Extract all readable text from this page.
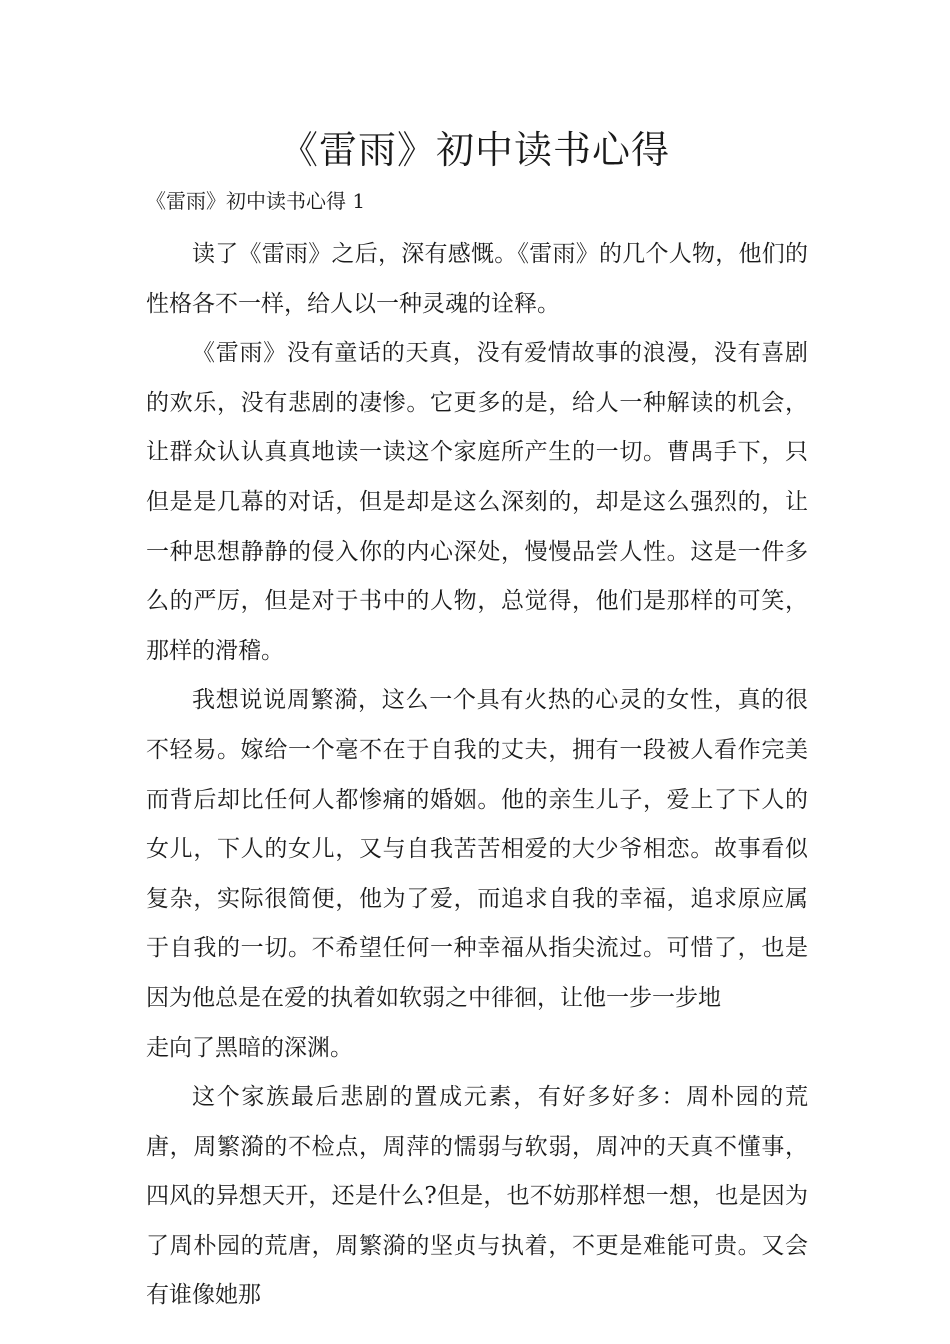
《雷雨》初中读书心得
《雷雨》初中读书心得 1

读了《雷雨》之后，深有感慨。《雷雨》的几个人物，他们的性格各不一样，给人以一种灵魂的诠释。

《雷雨》没有童话的天真，没有爱情故事的浪漫，没有喜剧的欢乐，没有悲剧的凄惨。它更多的是，给人一种解读的机会，让群众认认真真地读一读这个家庭所产生的一切。曹禺手下，只但是是几幕的对话，但是却是这么深刻的，却是这么强烈的，让一种思想静静的侵入你的内心深处，慢慢品尝人性。这是一件多么的严厉，但是对于书中的人物，总觉得，他们是那样的可笑，那样的滑稽。

我想说说周繁漪，这么一个具有火热的心灵的女性，真的很不轻易。嫁给一个毫不在于自我的丈夫，拥有一段被人看作完美而背后却比任何人都惨痛的婚姻。他的亲生儿子，爱上了下人的女儿，下人的女儿，又与自我苦苦相爱的大少爷相恋。故事看似复杂，实际很简便，他为了爱，而追求自我的幸福，追求原应属于自我的一切。不希望任何一种幸福从指尖流过。可惜了，也是因为他总是在爱的执着如软弱之中徘徊，让他一步一步地

走向了黑暗的深渊。

这个家族最后悲剧的置成元素，有好多好多：周朴园的荒唐，周繁漪的不检点，周萍的懦弱与软弱，周冲的天真不懂事，四风的异想天开，还是什么?但是，也不妨那样想一想，也是因为了周朴园的荒唐，周繁漪的坚贞与执着，不更是难能可贵。又会有谁像她那
